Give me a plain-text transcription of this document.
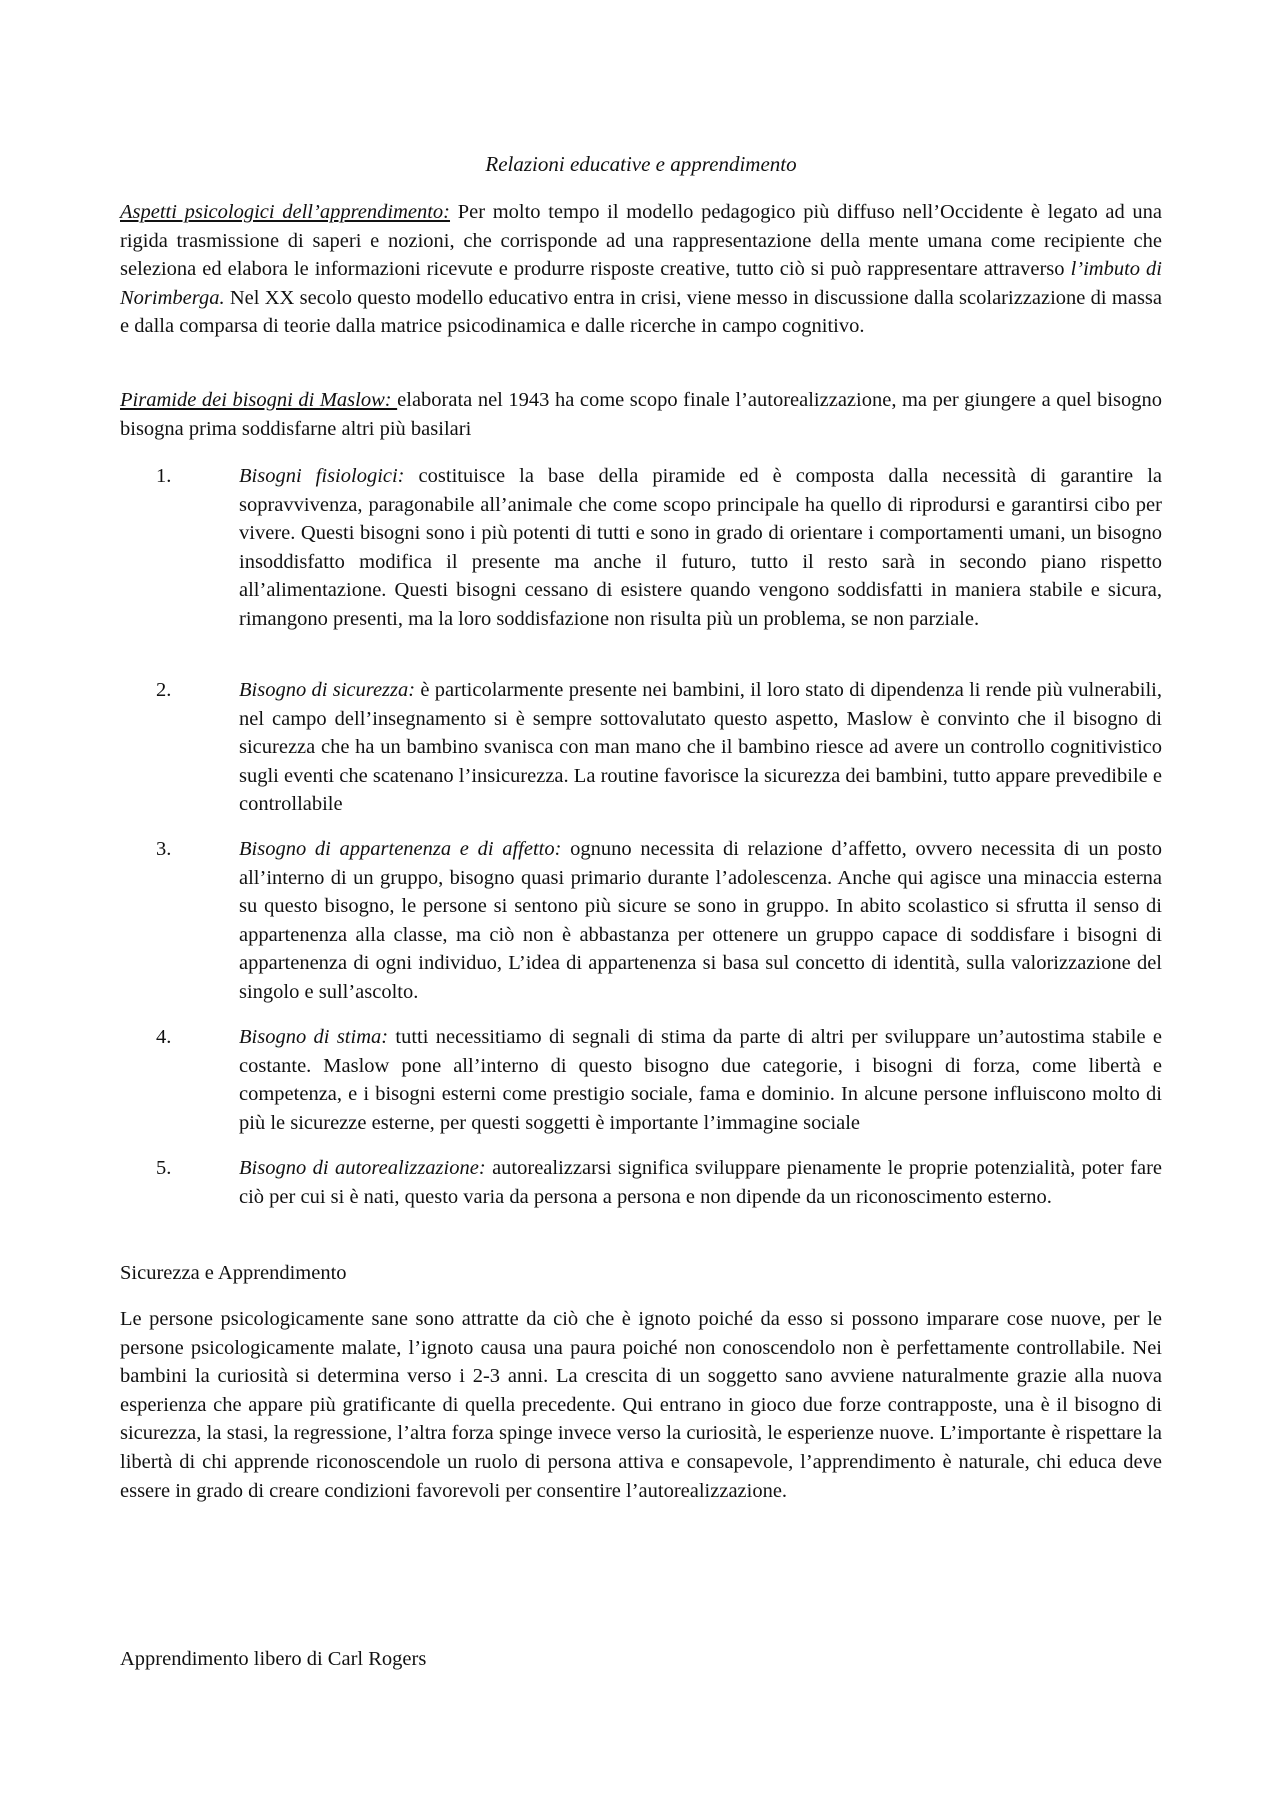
Relazioni educative e apprendimento

Aspetti psicologici dell’apprendimento: Per molto tempo il modello pedagogico più diffuso nell’Occidente è legato ad una rigida trasmissione di saperi e nozioni, che corrisponde ad una rappresentazione della mente umana come recipiente che seleziona ed elabora le informazioni ricevute e produrre risposte creative, tutto ciò si può rappresentare attraverso l’imbuto di Norimberga. Nel XX secolo questo modello educativo entra in crisi, viene messo in discussione dalla scolarizzazione di massa e dalla comparsa di teorie dalla matrice psicodinamica e dalle ricerche in campo cognitivo.

Piramide dei bisogni di Maslow: elaborata nel 1943 ha come scopo finale l’autorealizzazione, ma per giungere a quel bisogno bisogna prima soddisfarne altri più basilari

1.	Bisogni fisiologici: costituisce la base della piramide ed è composta dalla necessità di garantire la sopravvivenza, paragonabile all’animale che come scopo principale ha quello di riprodursi e garantirsi cibo per vivere. Questi bisogni sono i più potenti di tutti e sono in grado di orientare i comportamenti umani, un bisogno insoddisfatto modifica il presente ma anche il futuro, tutto il resto sarà in secondo piano rispetto all’alimentazione. Questi bisogni cessano di esistere quando vengono soddisfatti in maniera stabile e sicura, rimangono presenti, ma la loro soddisfazione non risulta più un problema, se non parziale.
2.	Bisogno di sicurezza: è particolarmente presente nei bambini, il loro stato di dipendenza li rende più vulnerabili, nel campo dell’insegnamento si è sempre sottovalutato questo aspetto, Maslow è convinto che il bisogno di sicurezza che ha un bambino svanisca con man mano che il bambino riesce ad avere un controllo cognitivistico sugli eventi che scatenano l’insicurezza. La routine favorisce la sicurezza dei bambini, tutto appare prevedibile e controllabile
3.	Bisogno di appartenenza e di affetto: ognuno necessita di relazione d’affetto, ovvero necessita di un posto all’interno di un gruppo, bisogno quasi primario durante l’adolescenza. Anche qui agisce una minaccia esterna su questo bisogno, le persone si sentono più sicure se sono in gruppo. In abito scolastico si sfrutta il senso di appartenenza alla classe, ma ciò non è abbastanza per ottenere un gruppo capace di soddisfare i bisogni di appartenenza di ogni individuo, L’idea di appartenenza si basa sul concetto di identità, sulla valorizzazione del singolo e sull’ascolto.
4.	Bisogno di stima: tutti necessitiamo di segnali di stima da parte di altri per sviluppare un’autostima stabile e costante. Maslow pone all’interno di questo bisogno due categorie, i bisogni di forza, come libertà e competenza, e i bisogni esterni come prestigio sociale, fama e dominio. In alcune persone influiscono molto di più le sicurezze esterne, per questi soggetti è importante l’immagine sociale
5.	Bisogno di autorealizzazione: autorealizzarsi significa sviluppare pienamente le proprie potenzialità, poter fare ciò per cui si è nati, questo varia da persona a persona e non dipende da un riconoscimento esterno.
Sicurezza e Apprendimento

Le persone psicologicamente sane sono attratte da ciò che è ignoto poiché da esso si possono imparare cose nuove, per le persone psicologicamente malate, l’ignoto causa una paura poiché non conoscendolo non è perfettamente controllabile. Nei bambini la curiosità si determina verso i 2-3 anni. La crescita di un soggetto sano avviene naturalmente grazie alla nuova esperienza che appare più gratificante di quella precedente. Qui entrano in gioco due forze contrapposte, una è il bisogno di sicurezza, la stasi, la regressione, l’altra forza spinge invece verso la curiosità, le esperienze nuove. L’importante è rispettare la libertà di chi apprende riconoscendole un ruolo di persona attiva e consapevole, l’apprendimento è naturale, chi educa deve essere in grado di creare condizioni favorevoli per consentire l’autorealizzazione.

Apprendimento libero di Carl Rogers
